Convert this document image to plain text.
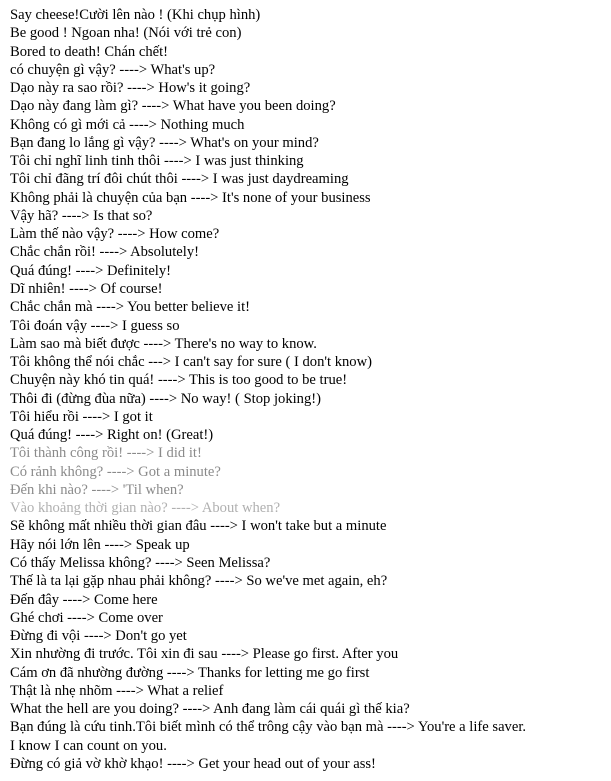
Say cheese!Cười lên nào ! (Khi chụp hình)
Be good ! Ngoan nha! (Nói với trẻ con)
Bored to death! Chán chết!
có chuyện gì vậy? ----> What's up?
Dạo này ra sao rồi? ----> How's it going?
Dạo này đang làm gì? ----> What have you been doing?
Không có gì mới cả ----> Nothing much
Bạn đang lo lắng gì vậy? ----> What's on your mind?
Tôi chỉ nghĩ linh tinh thôi ----> I was just thinking
Tôi chỉ đãng trí đôi chút thôi ----> I was just daydreaming
Không phải là chuyện của bạn ----> It's none of your business
Vậy hã? ----> Is that so?
Làm thế nào vậy? ----> How come?
Chắc chắn rồi! ----> Absolutely!
Quá đúng! ----> Definitely!
Dĩ nhiên! ----> Of course!
Chắc chắn mà ----> You better believe it!
Tôi đoán vậy ----> I guess so
Làm sao mà biết được ----> There's no way to know.
Tôi không thể nói chắc ---> I can't say for sure ( I don't know)
Chuyện này khó tin quá! ----> This is too good to be true!
Thôi đi (đừng đùa nữa) ----> No way! ( Stop joking!)
Tôi hiểu rồi ----> I got it
Quá đúng! ----> Right on! (Great!)
Tôi thành công rồi! ----> I did it!
Có rảnh không? ----> Got a minute?
Đến khi nào? ----> 'Til when?
Vào khoảng thời gian nào? ----> About when?
Sẽ không mất nhiều thời gian đâu ----> I won't take but a minute
Hãy nói lớn lên ----> Speak up
Có thấy Melissa không? ----> Seen Melissa?
Thế là ta lại gặp nhau phải không? ----> So we've met again, eh?
Đến đây ----> Come here
Ghé chơi ----> Come over
Đừng đi vội ----> Don't go yet
Xin nhường đi trước. Tôi xin đi sau ----> Please go first. After you
Cám ơn đã nhường đường ----> Thanks for letting me go first
Thật là nhẹ nhõm ----> What a relief
What the hell are you doing? ----> Anh đang làm cái quái gì thế kia?
Bạn đúng là cứu tinh.Tôi biết mình có thể trông cậy vào bạn mà ----> You're a life saver.
I know I can count on you.
Đừng có giả vờ khờ khạo! ----> Get your head out of your ass!
